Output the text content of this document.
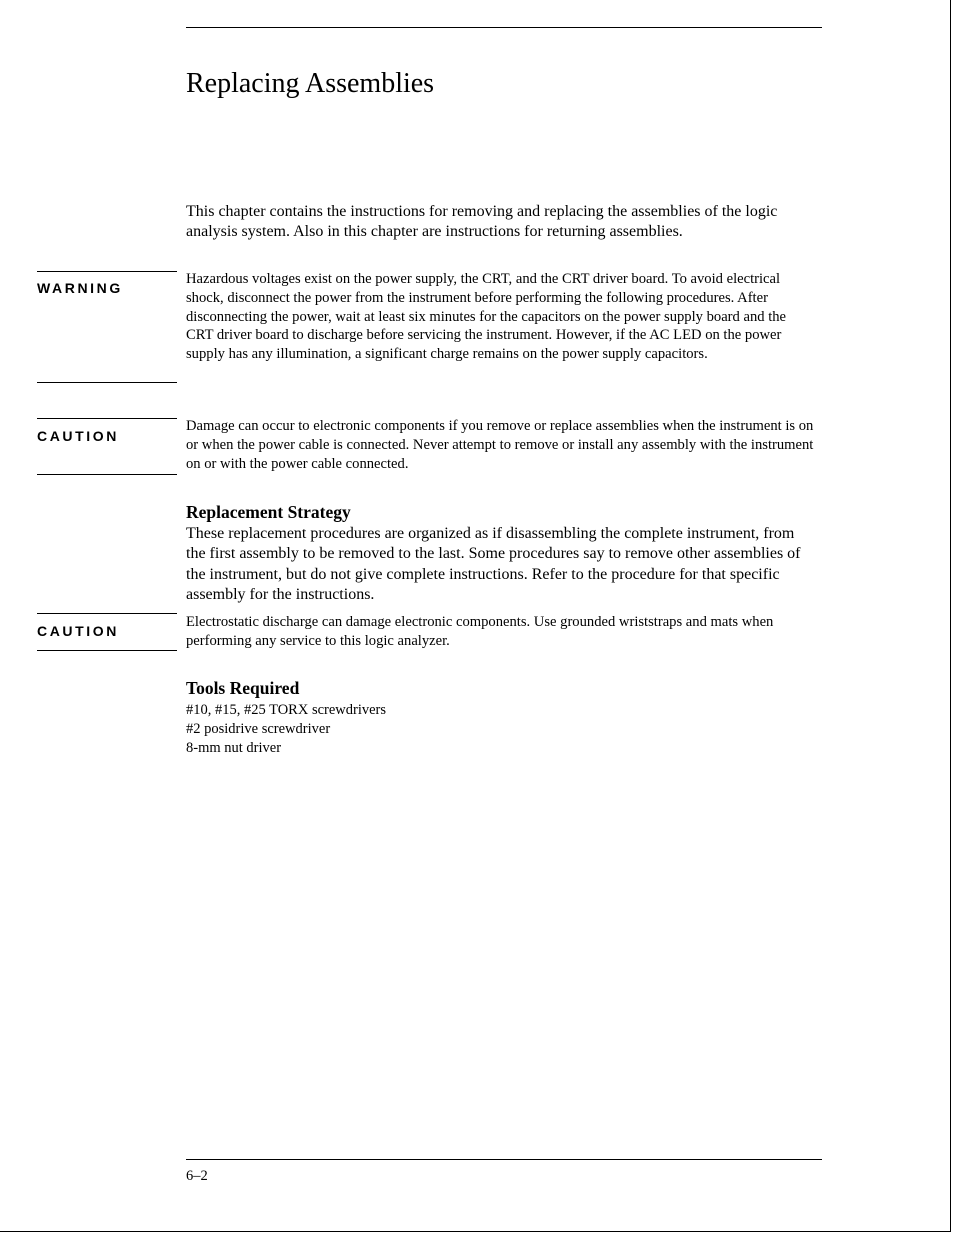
Replacing Assemblies

This chapter contains the instructions for removing and replacing the assemblies of the logic analysis system. Also in this chapter are instructions for returning assemblies.

WARNING

Hazardous voltages exist on the power supply, the CRT, and the CRT driver board. To avoid electrical shock, disconnect the power from the instrument before performing the following procedures. After disconnecting the power, wait at least six minutes for the capacitors on the power supply board and the CRT driver board to discharge before servicing the instrument. However, if the AC LED on the power supply has any illumination, a significant charge remains on the power supply capacitors.

CAUTION

Damage can occur to electronic components if you remove or replace assemblies when the instrument is on or when the power cable is connected. Never attempt to remove or install any assembly with the instrument on or with the power cable connected.

Replacement Strategy

These replacement procedures are organized as if disassembling the complete instrument, from the first assembly to be removed to the last. Some procedures say to remove other assemblies of the instrument, but do not give complete instructions. Refer to the procedure for that specific assembly for the instructions.

CAUTION

Electrostatic discharge can damage electronic components. Use grounded wriststraps and mats when performing any service to this logic analyzer.

Tools Required
#10, #15, #25 TORX screwdrivers
#2 posidrive screwdriver
8-mm nut driver

6–2
